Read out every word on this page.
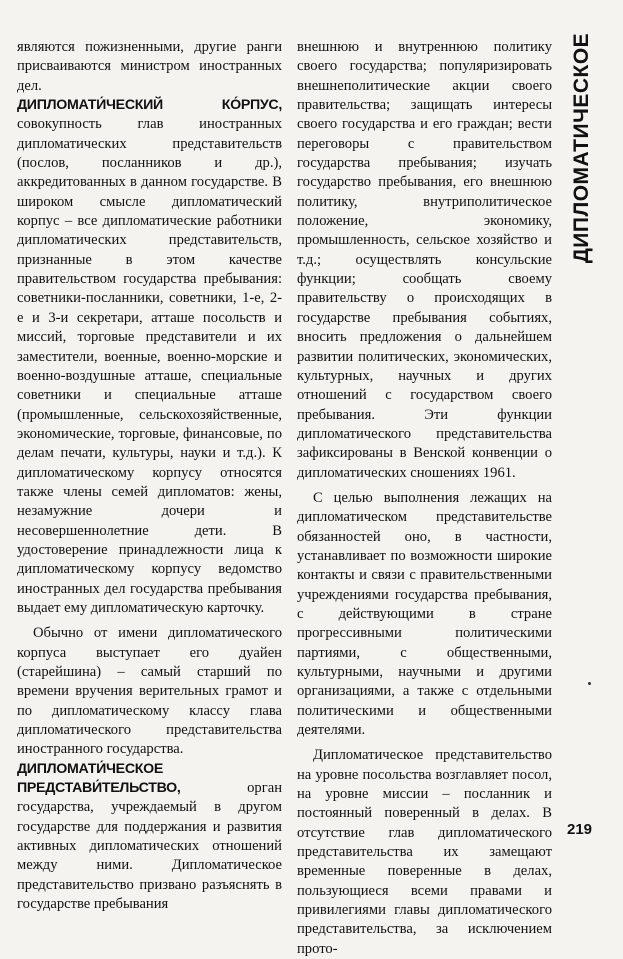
являются пожизненными, другие ранги присваиваются министром иностранных дел.

ДИПЛОМАТИ́ЧЕСКИЙ КО́РПУС, совокупность глав иностранных дипломатических представительств (послов, посланников и др.), аккредитованных в данном государстве. В широком смысле дипломатический корпус – все дипломатические работники дипломатических представительств, признанные в этом качестве правительством государства пребывания: советники-посланники, советники, 1-е, 2-е и 3-и секретари, атташе посольств и миссий, торговые представители и их заместители, военные, военно-морские и военно-воздушные атташе, специальные советники и специальные атташе (промышленные, сельскохозяйственные, экономические, торговые, финансовые, по делам печати, культуры, науки и т.д.). К дипломатическому корпусу относятся также члены семей дипломатов: жены, незамужние дочери и несовершеннолетние дети. В удостоверение принадлежности лица к дипломатическому корпусу ведомство иностранных дел государства пребывания выдает ему дипломатическую карточку.

Обычно от имени дипломатического корпуса выступает его дуайен (старейшина) – самый старший по времени вручения верительных грамот и по дипломатическому классу глава дипломатического представительства иностранного государства.

ДИПЛОМАТИ́ЧЕСКОЕ ПРЕДСТАВИ́ТЕЛЬСТВО, орган государства, учреждаемый в другом государстве для поддержания и развития активных дипломатических отношений между ними. Дипломатическое представительство призвано разъяснять в государстве пребывания

внешнюю и внутреннюю политику своего государства; популяризировать внешнеполитические акции своего правительства; защищать интересы своего государства и его граждан; вести переговоры с правительством государства пребывания; изучать государство пребывания, его внешнюю политику, внутриполитическое положение, экономику, промышленность, сельское хозяйство и т.д.; осуществлять консульские функции; сообщать своему правительству о происходящих в государстве пребывания событиях, вносить предложения о дальнейшем развитии политических, экономических, культурных, научных и других отношений с государством своего пребывания. Эти функции дипломатического представительства зафиксированы в Венской конвенции о дипломатических сношениях 1961.

С целью выполнения лежащих на дипломатическом представительстве обязанностей оно, в частности, устанавливает по возможности широкие контакты и связи с правительственными учреждениями государства пребывания, с действующими в стране прогрессивными политическими партиями, с общественными, культурными, научными и другими организациями, а также с отдельными политическими и общественными деятелями.

Дипломатическое представительство на уровне посольства возглавляет посол, на уровне миссии – посланник и постоянный поверенный в делах. В отсутствие глав дипломатического представительства их замещают временные поверенные в делах, пользующиеся всеми правами и привилегиями главы дипломатического представительства, за исключением прото-

ДИПЛОМАТИЧЕСКОЕ
219
